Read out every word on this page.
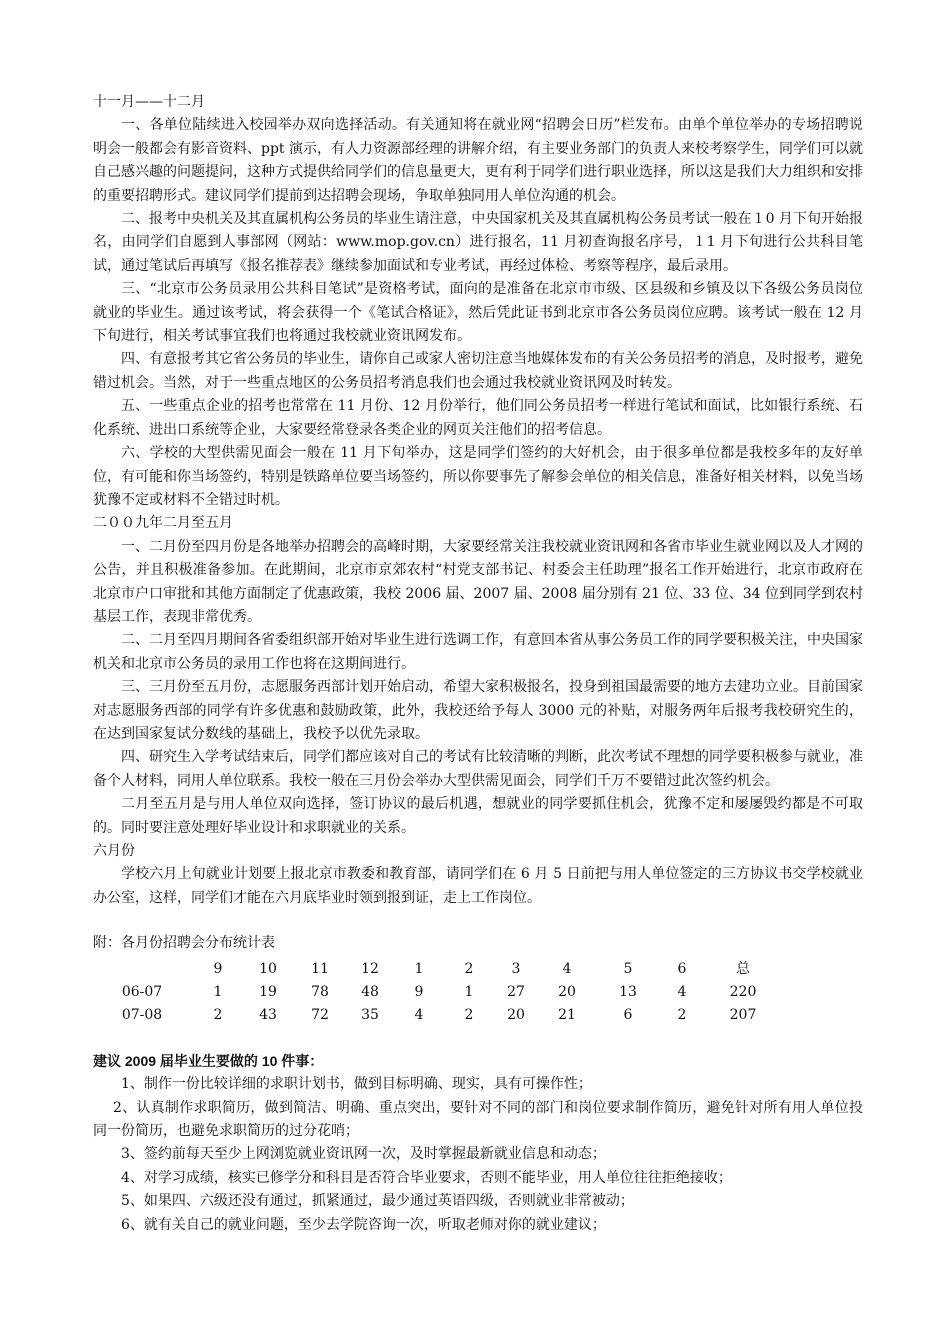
十一月——十二月

一、各单位陆续进入校园举办双向选择活动。有关通知将在就业网“招聘会日历”栏发布。由单个单位举办的专场招聘说明会一般都会有影音资料、ppt 演示，有人力资源部经理的讲解介绍，有主要业务部门的负责人来校考察学生，同学们可以就自己感兴趣的问题提问，这种方式提供给同学们的信息量更大，更有利于同学们进行职业选择，所以这是我们大力组织和安排的重要招聘形式。建议同学们提前到达招聘会现场，争取单独同用人单位沟通的机会。

二、报考中央机关及其直属机构公务员的毕业生请注意，中央国家机关及其直属机构公务员考试一般在１0 月下旬开始报名，由同学们自愿到人事部网（网站：www.mop.gov.cn）进行报名，11 月初查询报名序号，１1 月下旬进行公共科目笔试，通过笔试后再填写《报名推荐表》继续参加面试和专业考试，再经过体检、考察等程序，最后录用。

三、“北京市公务员录用公共科目笔试”是资格考试，面向的是准备在北京市市级、区县级和乡镇及以下各级公务员岗位就业的毕业生。通过该考试，将会获得一个《笔试合格证》，然后凭此证书到北京市各公务员岗位应聘。该考试一般在 12 月下旬进行，相关考试事宜我们也将通过我校就业资讯网发布。

四、有意报考其它省公务员的毕业生，请你自己或家人密切注意当地媒体发布的有关公务员招考的消息，及时报考，避免错过机会。当然，对于一些重点地区的公务员招考消息我们也会通过我校就业资讯网及时转发。

五、一些重点企业的招考也常常在 11 月份、12 月份举行，他们同公务员招考一样进行笔试和面试，比如银行系统、石化系统、进出口系统等企业，大家要经常登录各类企业的网页关注他们的招考信息。

六、学校的大型供需见面会一般在 11 月下旬举办，这是同学们签约的大好机会，由于很多单位都是我校多年的友好单位，有可能和你当场签约，特别是铁路单位要当场签约，所以你要事先了解参会单位的相关信息，准备好相关材料，以免当场犹豫不定或材料不全错过时机。

二００九年二月至五月

一、二月份至四月份是各地举办招聘会的高峰时期，大家要经常关注我校就业资讯网和各省市毕业生就业网以及人才网的公告，并且积极准备参加。在此期间，北京市京郊农村“村党支部书记、村委会主任助理”报名工作开始进行，北京市政府在北京市户口审批和其他方面制定了优惠政策，我校 2006 届、2007 届、2008 届分别有 21 位、33 位、34 位到同学到农村基层工作，表现非常优秀。

二、二月至四月期间各省委组织部开始对毕业生进行选调工作，有意回本省从事公务员工作的同学要积极关注，中央国家机关和北京市公务员的录用工作也将在这期间进行。

三、三月份至五月份，志愿服务西部计划开始启动，希望大家积极报名，投身到祖国最需要的地方去建功立业。目前国家对志愿服务西部的同学有许多优惠和鼓励政策，此外，我校还给予每人 3000 元的补贴，对服务两年后报考我校研究生的，在达到国家复试分数线的基础上，我校予以优先录取。

四、研究生入学考试结束后，同学们都应该对自己的考试有比较清晰的判断，此次考试不理想的同学要积极参与就业，准备个人材料，同用人单位联系。我校一般在三月份会举办大型供需见面会，同学们千万不要错过此次签约机会。

二月至五月是与用人单位双向选择，签订协议的最后机遇，想就业的同学要抓住机会，犹豫不定和屡屡毁约都是不可取的。同时要注意处理好毕业设计和求职就业的关系。

六月份

学校六月上旬就业计划要上报北京市教委和教育部，请同学们在 6 月 5 日前把与用人单位签定的三方协议书交学校就业办公室，这样，同学们才能在六月底毕业时领到报到证，走上工作岗位。

附：各月份招聘会分布统计表
		9	10	11	12	1	2	3	4	5	6	总
06-07		1	19	78	48	9	1	27	20	13	4	220
07-08		2	43	72	35	4	2	20	21	6	2	207
建议 2009 届毕业生要做的 10 件事：

1、制作一份比较详细的求职计划书，做到目标明确、现实，具有可操作性；

2、认真制作求职简历，做到简洁、明确、重点突出，要针对不同的部门和岗位要求制作简历，避免针对所有用人单位投同一份简历，也避免求职简历的过分花哨；

3、签约前每天至少上网浏览就业资讯网一次，及时掌握最新就业信息和动态；

4、对学习成绩，核实已修学分和科目是否符合毕业要求，否则不能毕业，用人单位往往拒绝接收；

5、如果四、六级还没有通过，抓紧通过，最少通过英语四级，否则就业非常被动；

6、就有关自己的就业问题，至少去学院咨询一次，听取老师对你的就业建议；
